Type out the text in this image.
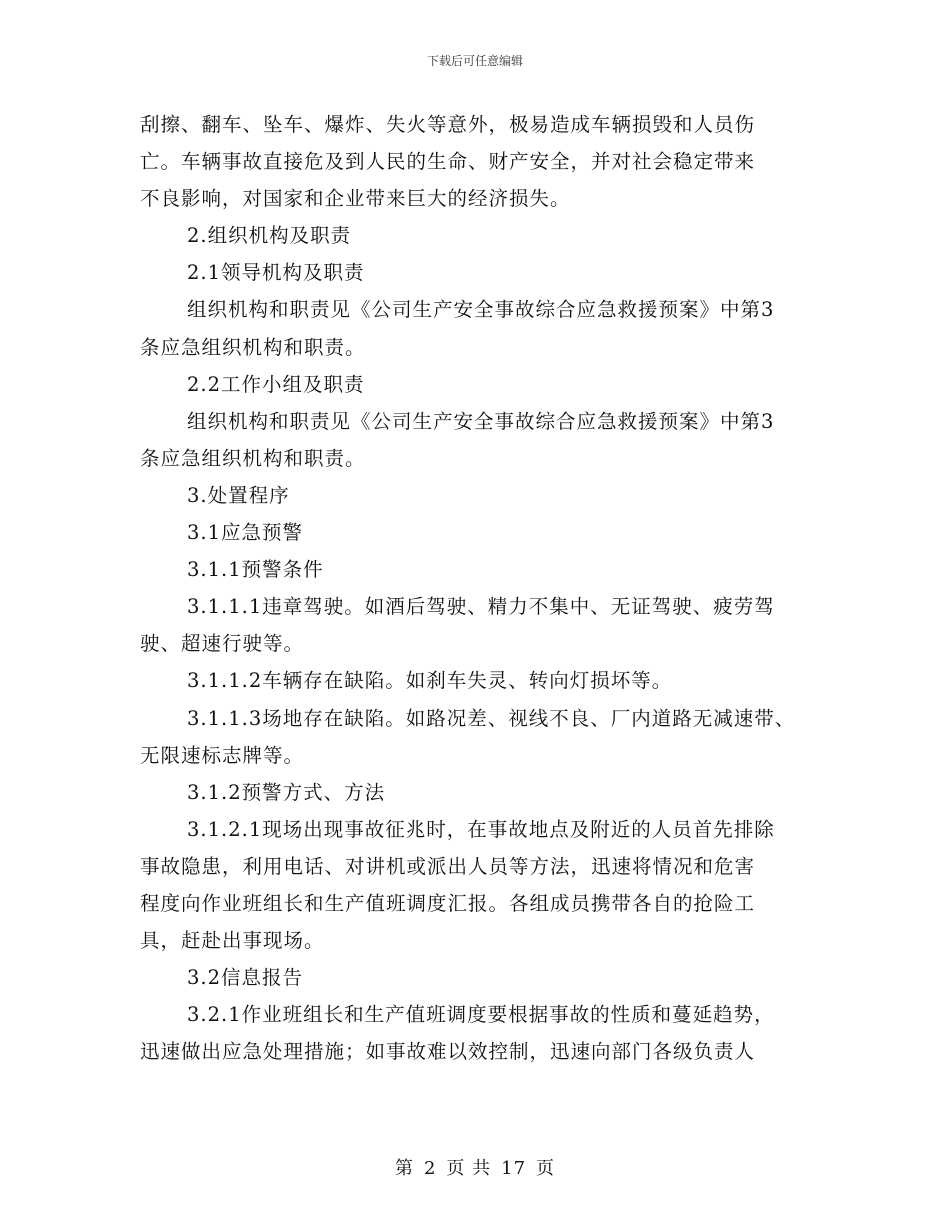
下载后可任意编辑
刮擦、翻车、坠车、爆炸、失火等意外，极易造成车辆损毁和人员伤
亡。车辆事故直接危及到人民的生命、财产安全，并对社会稳定带来
不良影响，对国家和企业带来巨大的经济损失。
2.组织机构及职责
2.1领导机构及职责
组织机构和职责见《公司生产安全事故综合应急救援预案》中第3
条应急组织机构和职责。
2.2工作小组及职责
组织机构和职责见《公司生产安全事故综合应急救援预案》中第3
条应急组织机构和职责。
3.处置程序
3.1应急预警
3.1.1预警条件
3.1.1.1违章驾驶。如酒后驾驶、精力不集中、无证驾驶、疲劳驾
驶、超速行驶等。
3.1.1.2车辆存在缺陷。如刹车失灵、转向灯损坏等。
3.1.1.3场地存在缺陷。如路况差、视线不良、厂内道路无减速带、
无限速标志牌等。
3.1.2预警方式、方法
3.1.2.1现场出现事故征兆时，在事故地点及附近的人员首先排除
事故隐患，利用电话、对讲机或派出人员等方法，迅速将情况和危害
程度向作业班组长和生产值班调度汇报。各组成员携带各自的抢险工
具，赶赴出事现场。
3.2信息报告
3.2.1作业班组长和生产值班调度要根据事故的性质和蔓延趋势，
迅速做出应急处理措施；如事故难以效控制，迅速向部门各级负责人
第 2 页 共 17 页
